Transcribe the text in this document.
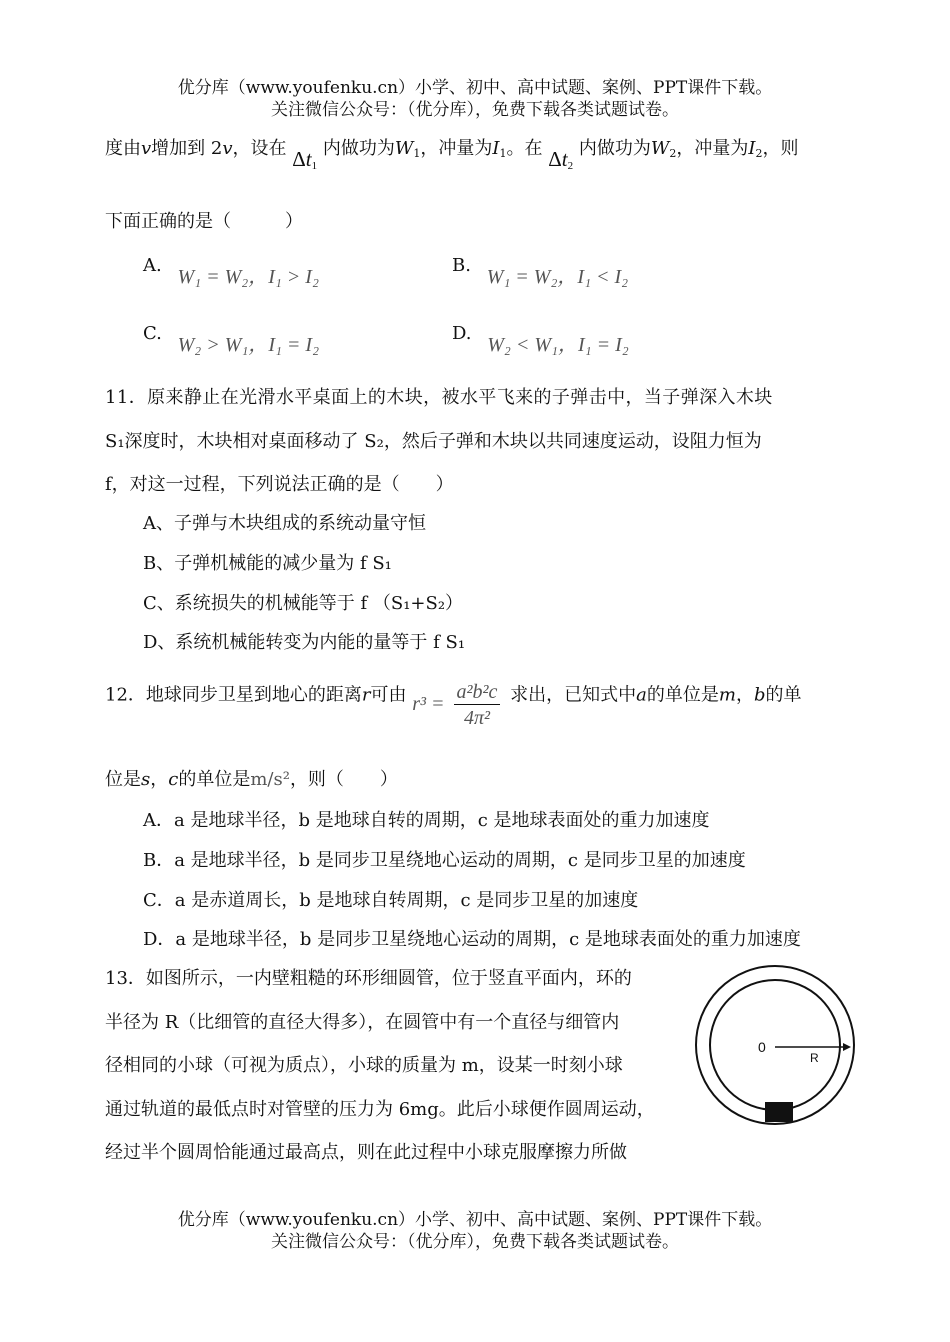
优分库（www.youfenku.cn）小学、初中、高中试题、案例、PPT课件下载。
关注微信公众号：（优分库），免费下载各类试题试卷。
度由v增加到 2v，设在 $\Delta t_1$ 内做功为$W_1$，冲量为$I_1$。在 $\Delta t_2$ 内做功为$W_2$，冲量为$I_2$，则
下面正确的是（　　　）
A. W₁ = W₂，I₁ > I₂
B. W₁ = W₂，I₁ < I₂
C. W₂ > W₁，I₁ = I₂
D. W₂ < W₁，I₁ = I₂
11．原来静止在光滑水平桌面上的木块，被水平飞来的子弹击中，当子弹深入木块
S₁深度时，木块相对桌面移动了 S₂，然后子弹和木块以共同速度运动，设阻力恒为
f，对这一过程，下列说法正确的是（　　）
A、子弹与木块组成的系统动量守恒
B、子弹机械能的减少量为 f S₁
C、系统损失的机械能等于 f （S₁+S₂）
D、系统机械能转变为内能的量等于 f S₁
12．地球同步卫星到地心的距离r可由 $r^3 = \frac{\text{a²b²c}}{\text{4π²}}$ 求出，已知式中a的单位是m，b的单
位是s，c的单位是m/s²，则（　　）
A．a 是地球半径，b 是地球自转的周期，c 是地球表面处的重力加速度
B．a 是地球半径，b 是同步卫星绕地心运动的周期，c 是同步卫星的加速度
C．a 是赤道周长，b 是地球自转周期，c 是同步卫星的加速度
D．a 是地球半径，b 是同步卫星绕地心运动的周期，c 是地球表面处的重力加速度
13．如图所示，一内壁粗糙的环形细圆管，位于竖直平面内，环的
半径为 R（比细管的直径大得多），在圆管中有一个直径与细管内
径相同的小球（可视为质点），小球的质量为 m，设某一时刻小球
通过轨道的最低点时对管壁的压力为 6mg。此后小球便作圆周运动，
经过半个圆周恰能通过最高点，则在此过程中小球克服摩擦力所做
0
R
优分库（www.youfenku.cn）小学、初中、高中试题、案例、PPT课件下载。
关注微信公众号：（优分库），免费下载各类试题试卷。
